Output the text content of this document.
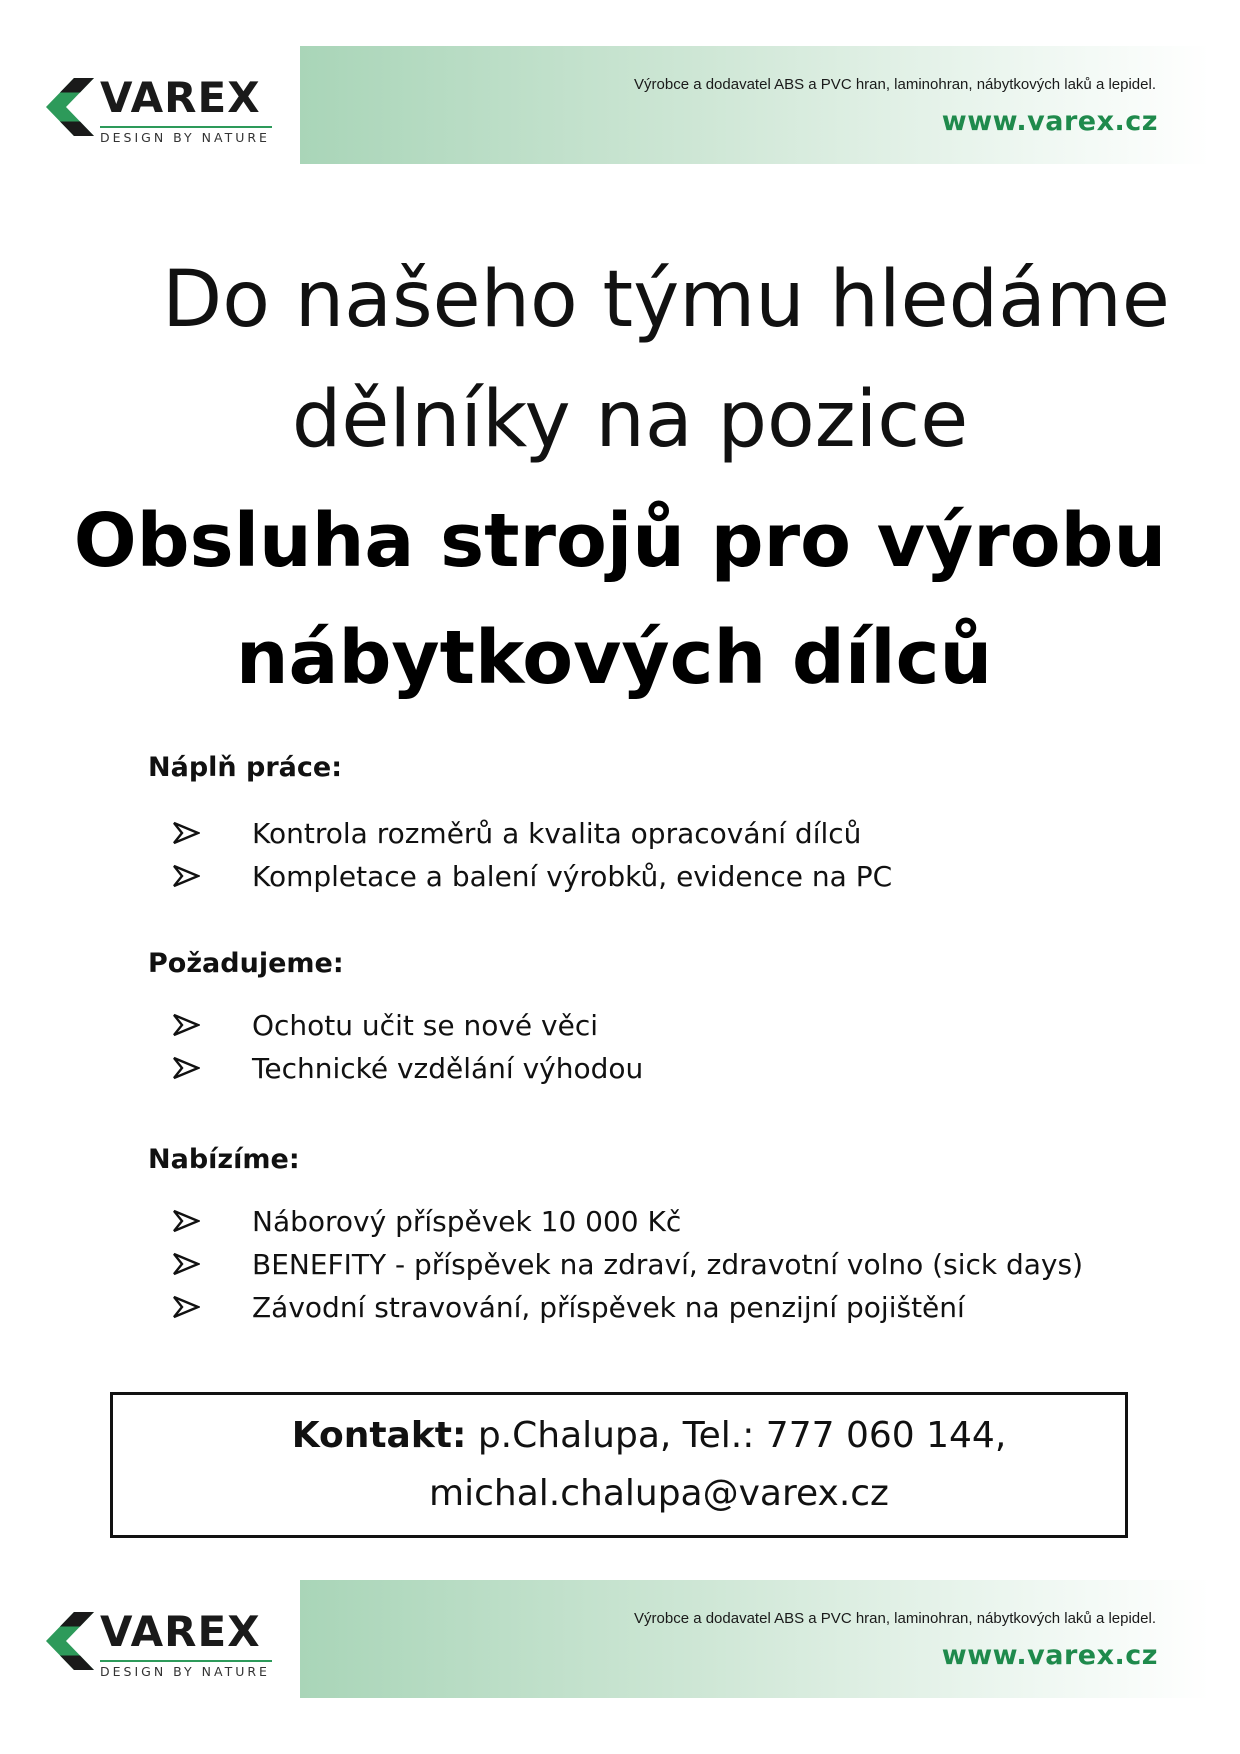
VAREX
DESIGN BY NATURE
Výrobce a dodavatel ABS a PVC hran, laminohran, nábytkových laků a lepidel.
www.varex.cz
Do našeho týmu hledáme
dělníky na pozice
Obsluha strojů pro výrobu
nábytkových dílců
Náplň práce:
Kontrola rozměrů a kvalita opracování dílců
Kompletace a balení výrobků, evidence na PC
Požadujeme:
Ochotu učit se nové věci
Technické vzdělání výhodou
Nabízíme:
Náborový příspěvek 10 000 Kč
BENEFITY - příspěvek na zdraví, zdravotní volno (sick days)
Závodní stravování, příspěvek na penzijní pojištění
Kontakt: p.Chalupa, Tel.: 777 060 144,
michal.chalupa@varex.cz
VAREX
DESIGN BY NATURE
Výrobce a dodavatel ABS a PVC hran, laminohran, nábytkových laků a lepidel.
www.varex.cz
